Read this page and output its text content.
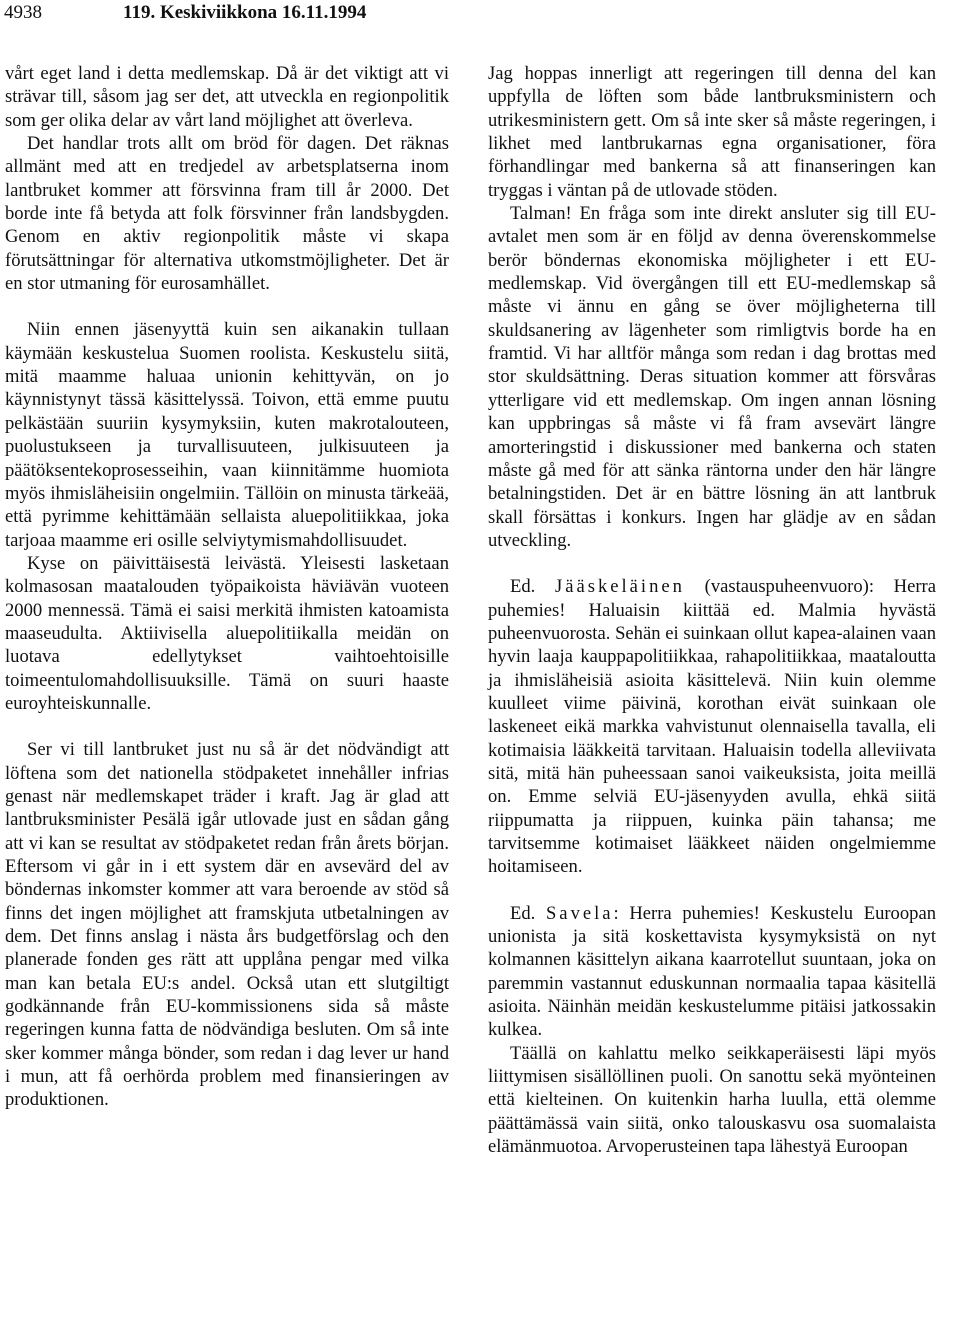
4938	119. Keskiviikkona 16.11.1994

vårt eget land i detta medlemskap. Då är det viktigt att vi strävar till, såsom jag ser det, att utveckla en regionpolitik som ger olika delar av vårt land möjlighet att överleva.

Det handlar trots allt om bröd för dagen. Det räknas allmänt med att en tredjedel av arbetsplatserna inom lantbruket kommer att försvinna fram till år 2000. Det borde inte få betyda att folk försvinner från landsbygden. Genom en aktiv regionpolitik måste vi skapa förutsättningar för alternativa utkomstmöjligheter. Det är en stor utmaning för eurosamhället.

Niin ennen jäsenyyttä kuin sen aikanakin tullaan käymään keskustelua Suomen roolista. Keskustelu siitä, mitä maamme haluaa unionin kehittyvän, on jo käynnistynyt tässä käsittelyssä. Toivon, että emme puutu pelkästään suuriin kysymyksiin, kuten makrotalouteen, puolustukseen ja turvallisuuteen, julkisuuteen ja päätöksentekoprosesseihin, vaan kiinnitämme huomiota myös ihmisläheisiin ongelmiin. Tällöin on minusta tärkeää, että pyrimme kehittämään sellaista aluepolitiikkaa, joka tarjoaa maamme eri osille selviytymismahdollisuudet.

Kyse on päivittäisestä leivästä. Yleisesti lasketaan kolmasosan maatalouden työpaikoista häviävän vuoteen 2000 mennessä. Tämä ei saisi merkitä ihmisten katoamista maaseudulta. Aktiivisella aluepolitiikalla meidän on luotava edellytykset vaihtoehtoisille toimeentulomahdollisuuksille. Tämä on suuri haaste euroyhteiskunnalle.

Ser vi till lantbruket just nu så är det nödvändigt att löftena som det nationella stödpaketet innehåller infrias genast när medlemskapet träder i kraft. Jag är glad att lantbruksminister Pesälä igår utlovade just en sådan gång att vi kan se resultat av stödpaketet redan från årets början. Eftersom vi går in i ett system där en avsevärd del av böndernas inkomster kommer att vara beroende av stöd så finns det ingen möjlighet att framskjuta utbetalningen av dem. Det finns anslag i nästa års budgetförslag och den planerade fonden ges rätt att upplåna pengar med vilka man kan betala EU:s andel. Också utan ett slutgiltigt godkännande från EU-kommissionens sida så måste regeringen kunna fatta de nödvändiga besluten. Om så inte sker kommer många bönder, som redan i dag lever ur hand i mun, att få oerhörda problem med finansieringen av produktionen.

Jag hoppas innerligt att regeringen till denna del kan uppfylla de löften som både lantbruksministern och utrikesministern gett. Om så inte sker så måste regeringen, i likhet med lantbrukarnas egna organisationer, föra förhandlingar med bankerna så att finanseringen kan tryggas i väntan på de utlovade stöden.

Talman! En fråga som inte direkt ansluter sig till EU-avtalet men som är en följd av denna överenskommelse berör böndernas ekonomiska möjligheter i ett EU-medlemskap. Vid övergången till ett EU-medlemskap så måste vi ännu en gång se över möjligheterna till skuldsanering av lägenheter som rimligtvis borde ha en framtid. Vi har alltför många som redan i dag brottas med stor skuldsättning. Deras situation kommer att försvåras ytterligare vid ett medlemskap. Om ingen annan lösning kan uppbringas så måste vi få fram avsevärt längre amorteringstid i diskussioner med bankerna och staten måste gå med för att sänka räntorna under den här längre betalningstiden. Det är en bättre lösning än att lantbruk skall försättas i konkurs. Ingen har glädje av en sådan utveckling.

Ed. Jääskeläinen (vastauspuheenvuoro): Herra puhemies! Haluaisin kiittää ed. Malmia hyvästä puheenvuorosta. Sehän ei suinkaan ollut kapea-alainen vaan hyvin laaja kauppapolitiikkaa, rahapolitiikkaa, maataloutta ja ihmisläheisiä asioita käsittelevä. Niin kuin olemme kuulleet viime päivinä, korothan eivät suinkaan ole laskeneet eikä markka vahvistunut olennaisella tavalla, eli kotimaisia lääkkeitä tarvitaan. Haluaisin todella alleviivata sitä, mitä hän puheessaan sanoi vaikeuksista, joita meillä on. Emme selviä EU-jäsenyyden avulla, ehkä siitä riippumatta ja riippuen, kuinka päin tahansa; me tarvitsemme kotimaiset lääkkeet näiden ongelmiemme hoitamiseen.

Ed. Savela: Herra puhemies! Keskustelu Euroopan unionista ja sitä koskettavista kysymyksistä on nyt kolmannen käsittelyn aikana kaarrotellut suuntaan, joka on paremmin vastannut eduskunnan normaalia tapaa käsitellä asioita. Näinhän meidän keskustelumme pitäisi jatkossakin kulkea.

Täällä on kahlattu melko seikkaperäisesti läpi myös liittymisen sisällöllinen puoli. On sanottu sekä myönteinen että kielteinen. On kuitenkin harha luulla, että olemme päättämässä vain siitä, onko talouskasvu osa suomalaista elämänmuotoa. Arvoperusteinen tapa lähestyä Euroopan
